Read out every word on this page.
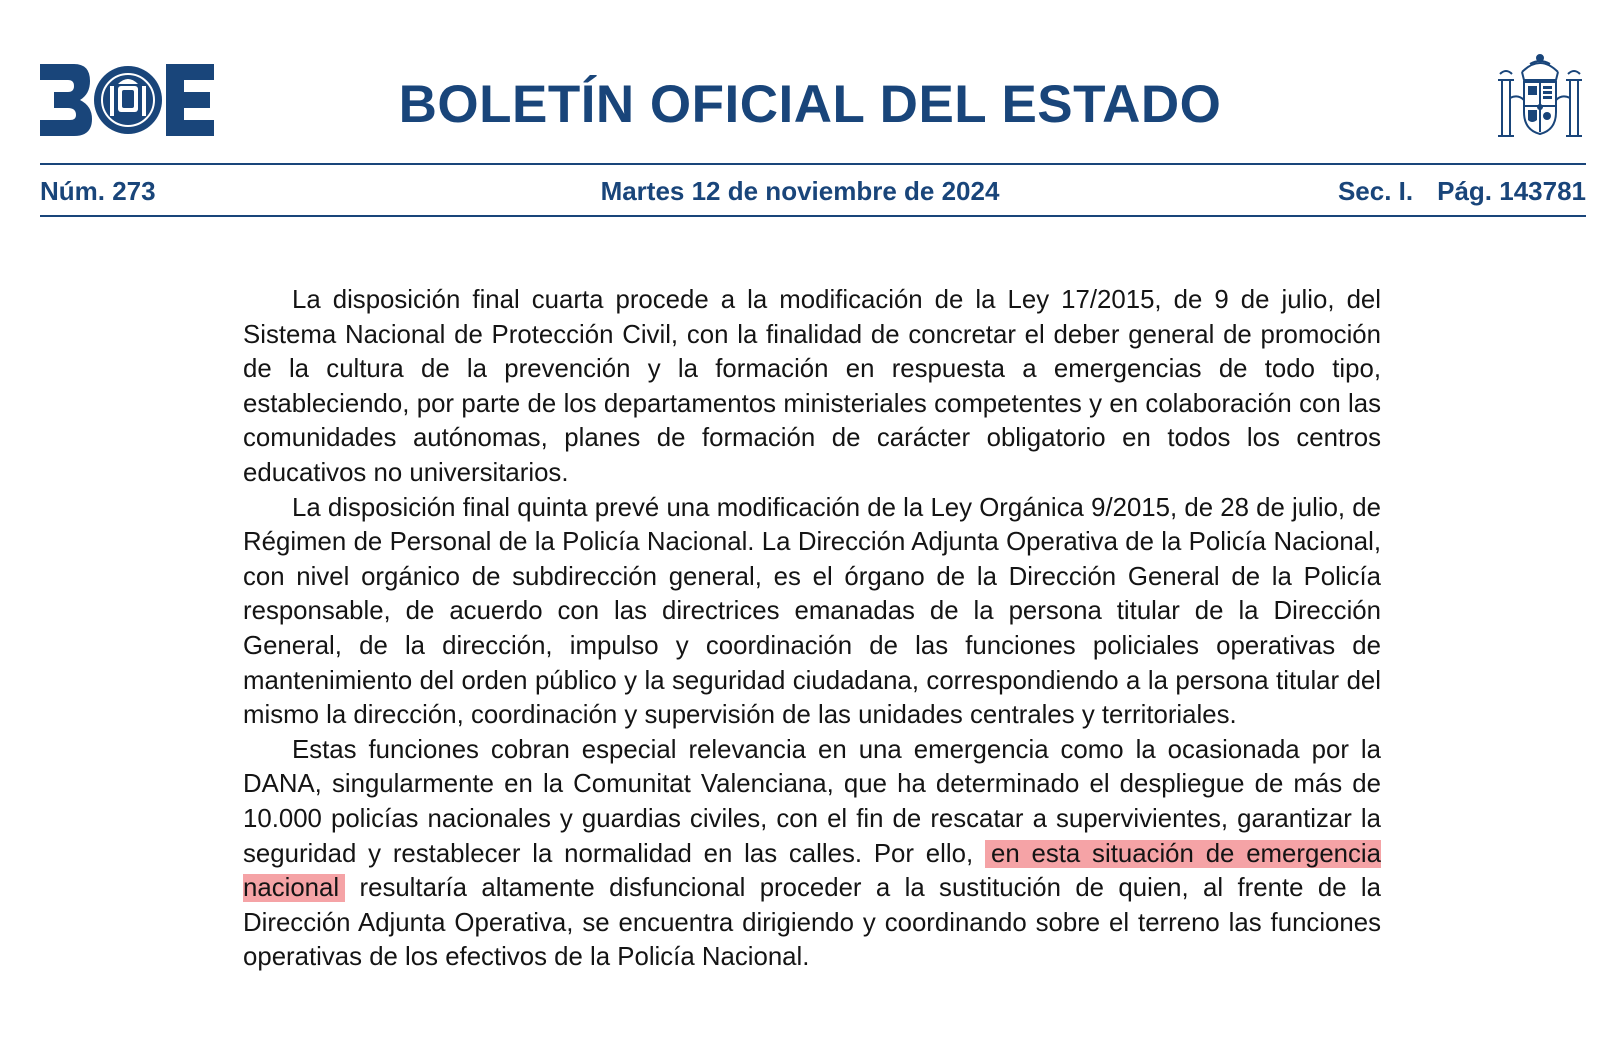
BOLETÍN OFICIAL DEL ESTADO
Núm. 273	Martes 12 de noviembre de 2024	Sec. I. Pág. 143781

La disposición final cuarta procede a la modificación de la Ley 17/2015, de 9 de julio, del Sistema Nacional de Protección Civil, con la finalidad de concretar el deber general de promoción de la cultura de la prevención y la formación en respuesta a emergencias de todo tipo, estableciendo, por parte de los departamentos ministeriales competentes y en colaboración con las comunidades autónomas, planes de formación de carácter obligatorio en todos los centros educativos no universitarios.

La disposición final quinta prevé una modificación de la Ley Orgánica 9/2015, de 28 de julio, de Régimen de Personal de la Policía Nacional. La Dirección Adjunta Operativa de la Policía Nacional, con nivel orgánico de subdirección general, es el órgano de la Dirección General de la Policía responsable, de acuerdo con las directrices emanadas de la persona titular de la Dirección General, de la dirección, impulso y coordinación de las funciones policiales operativas de mantenimiento del orden público y la seguridad ciudadana, correspondiendo a la persona titular del mismo la dirección, coordinación y supervisión de las unidades centrales y territoriales.

Estas funciones cobran especial relevancia en una emergencia como la ocasionada por la DANA, singularmente en la Comunitat Valenciana, que ha determinado el despliegue de más de 10.000 policías nacionales y guardias civiles, con el fin de rescatar a supervivientes, garantizar la seguridad y restablecer la normalidad en las calles. Por ello, en esta situación de emergencia nacional resultaría altamente disfuncional proceder a la sustitución de quien, al frente de la Dirección Adjunta Operativa, se encuentra dirigiendo y coordinando sobre el terreno las funciones operativas de los efectivos de la Policía Nacional.
